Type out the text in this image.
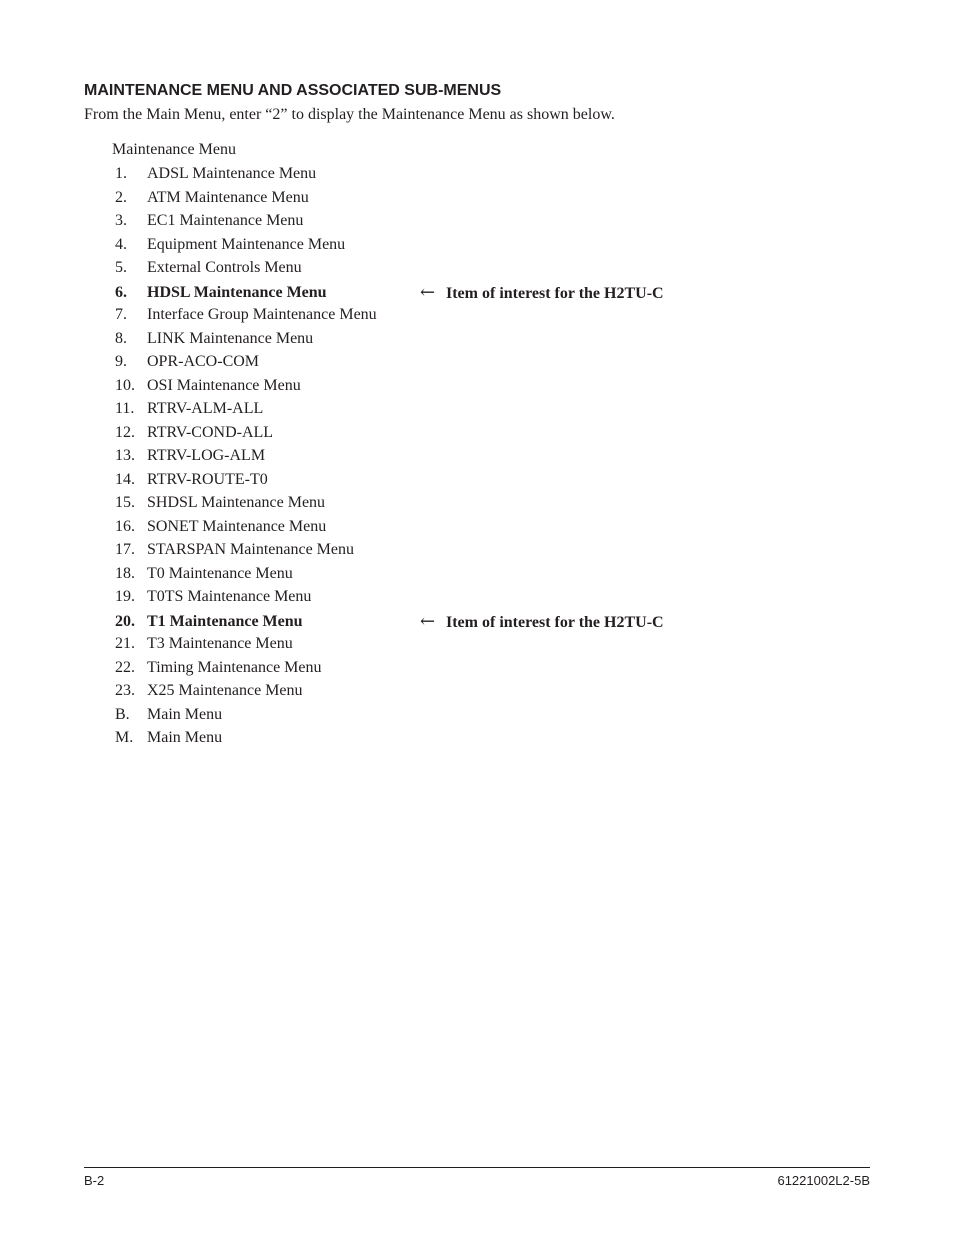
MAINTENANCE MENU AND ASSOCIATED SUB-MENUS

From the Main Menu, enter “2” to display the Maintenance Menu as shown below.

Maintenance Menu
1. ADSL Maintenance Menu
2. ATM Maintenance Menu
3. EC1 Maintenance Menu
4. Equipment Maintenance Menu
5. External Controls Menu
6. HDSL Maintenance Menu	← Item of interest for the H2TU-C
7. Interface Group Maintenance Menu
8. LINK Maintenance Menu
9. OPR-ACO-COM
10. OSI Maintenance Menu
11. RTRV-ALM-ALL
12. RTRV-COND-ALL
13. RTRV-LOG-ALM
14. RTRV-ROUTE-T0
15. SHDSL Maintenance Menu
16. SONET Maintenance Menu
17. STARSPAN Maintenance Menu
18. T0 Maintenance Menu
19. T0TS Maintenance Menu
20. T1 Maintenance Menu	← Item of interest for the H2TU-C
21. T3 Maintenance Menu
22. Timing Maintenance Menu
23. X25 Maintenance Menu
B. Main Menu
M. Main Menu
B-2	61221002L2-5B
